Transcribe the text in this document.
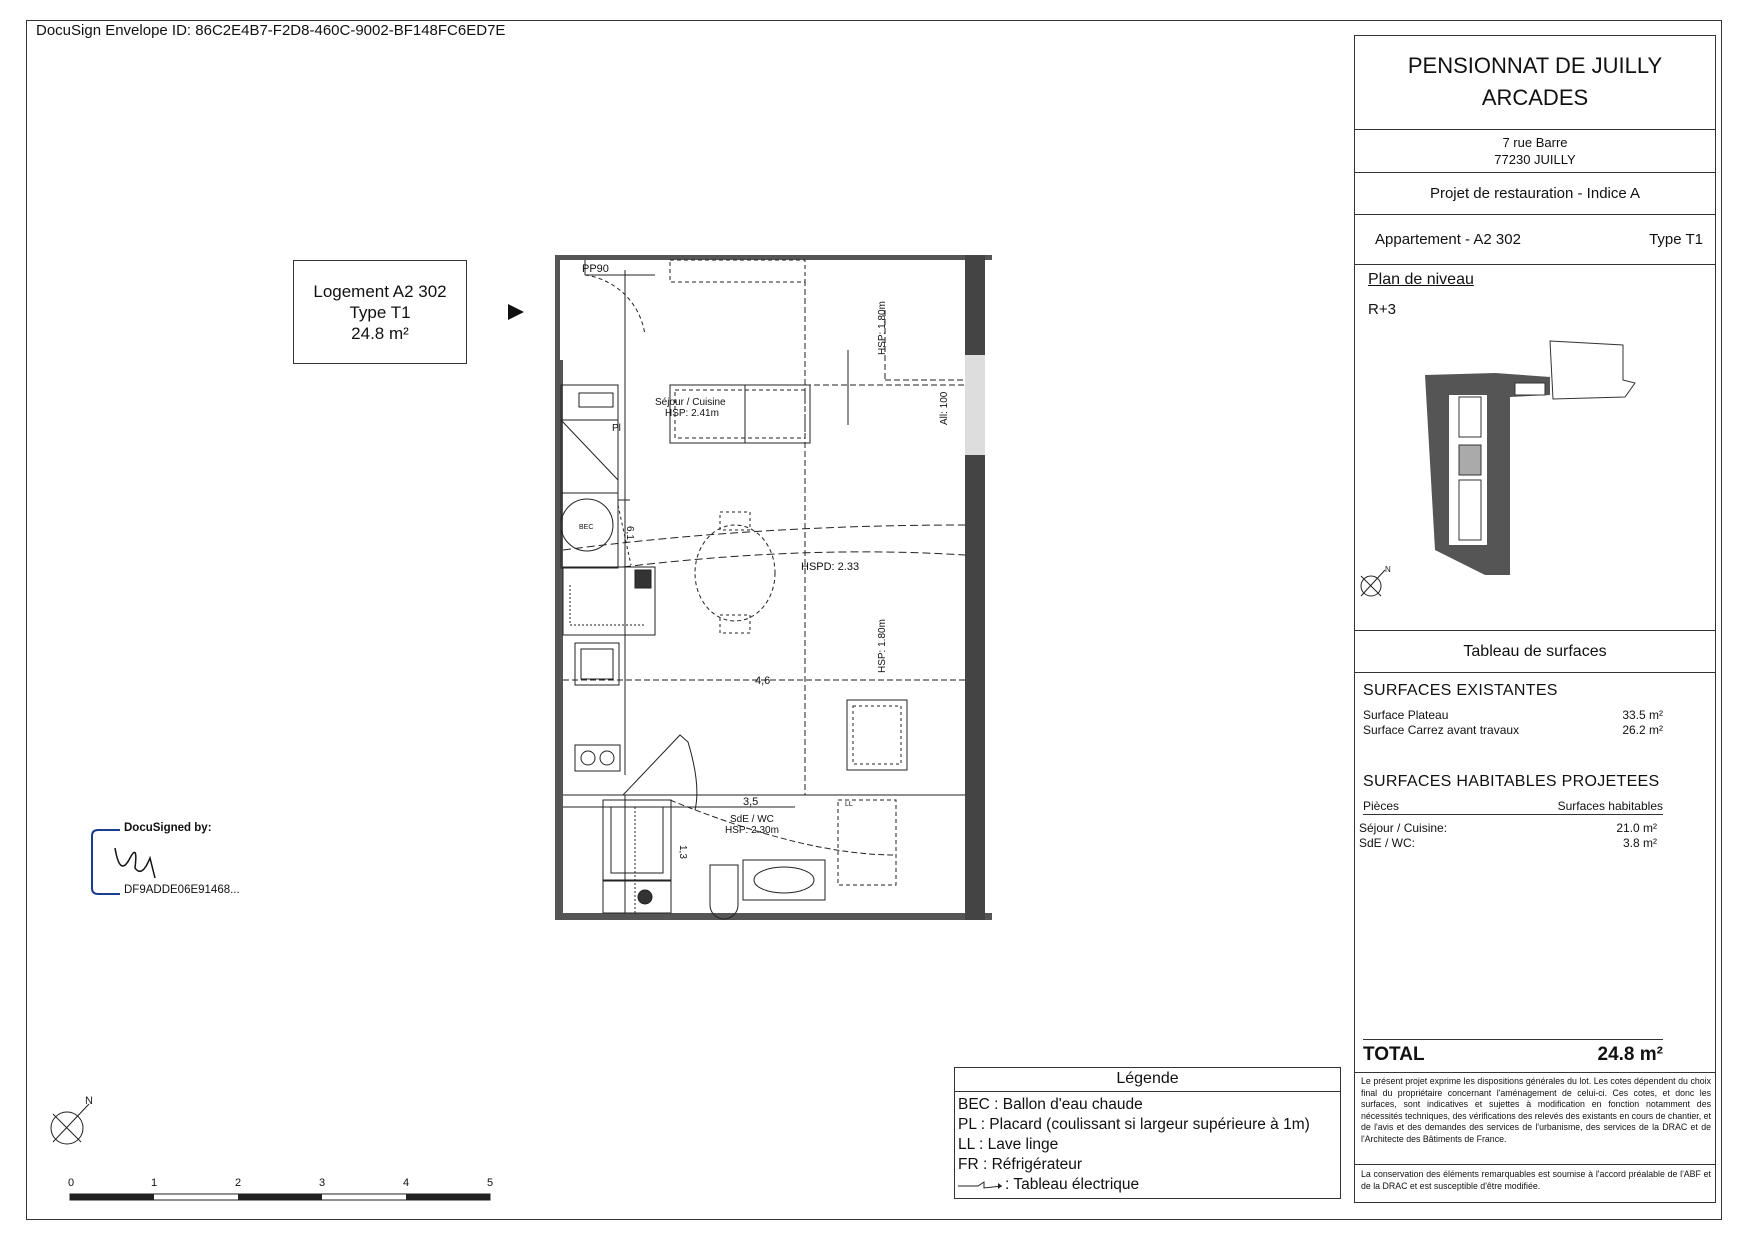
DocuSign Envelope ID: 86C2E4B7-F2D8-460C-9002-BF148FC6ED7E
Logement A2 302
Type T1
24.8 m²
PP90
Séjour / Cuisine
HSP: 2.41m
HSP: 1.80m
All: 100
Pl
BEC	6,1
HSPD: 2.33
HSP: 1.80m
4,6
3,5
1,3
SdE / WC
HSP: 2.30m
LL
DocuSigned by:
DF9ADDE06E91468...
N
0	1	2	3	4	5
Légende
BEC : Ballon d'eau chaude
PL : Placard (coulissant si largeur supérieure à 1m)
LL : Lave linge
FR : Réfrigérateur
: Tableau électrique
PENSIONNAT DE JUILLY
ARCADES
7 rue Barre
77230 JUILLY
Projet de restauration - Indice A
Appartement - A2 302	Type T1
Plan de niveau
R+3
N
Tableau de surfaces
SURFACES EXISTANTES
Surface Plateau	33.5 m²
Surface Carrez avant travaux	26.2 m²
SURFACES HABITABLES PROJETEES
Pièces	Surfaces habitables
Séjour / Cuisine:	21.0 m²
SdE / WC:	3.8 m²
TOTAL	24.8 m²
Le présent projet exprime les dispositions générales du lot. Les cotes dépendent du choix final du propriétaire concernant l'aménagement de celui-ci. Ces cotes, et donc les surfaces, sont indicatives et sujettes à modification en fonction notamment des nécessités techniques, des vérifications des relevés des existants en cours de chantier, et de l'avis et des demandes des services de l'urbanisme, des services de la DRAC et de l'Architecte des Bâtiments de France.
La conservation des éléments remarquables est soumise à l'accord préalable de l'ABF et de la DRAC et est susceptible d'être modifiée.
